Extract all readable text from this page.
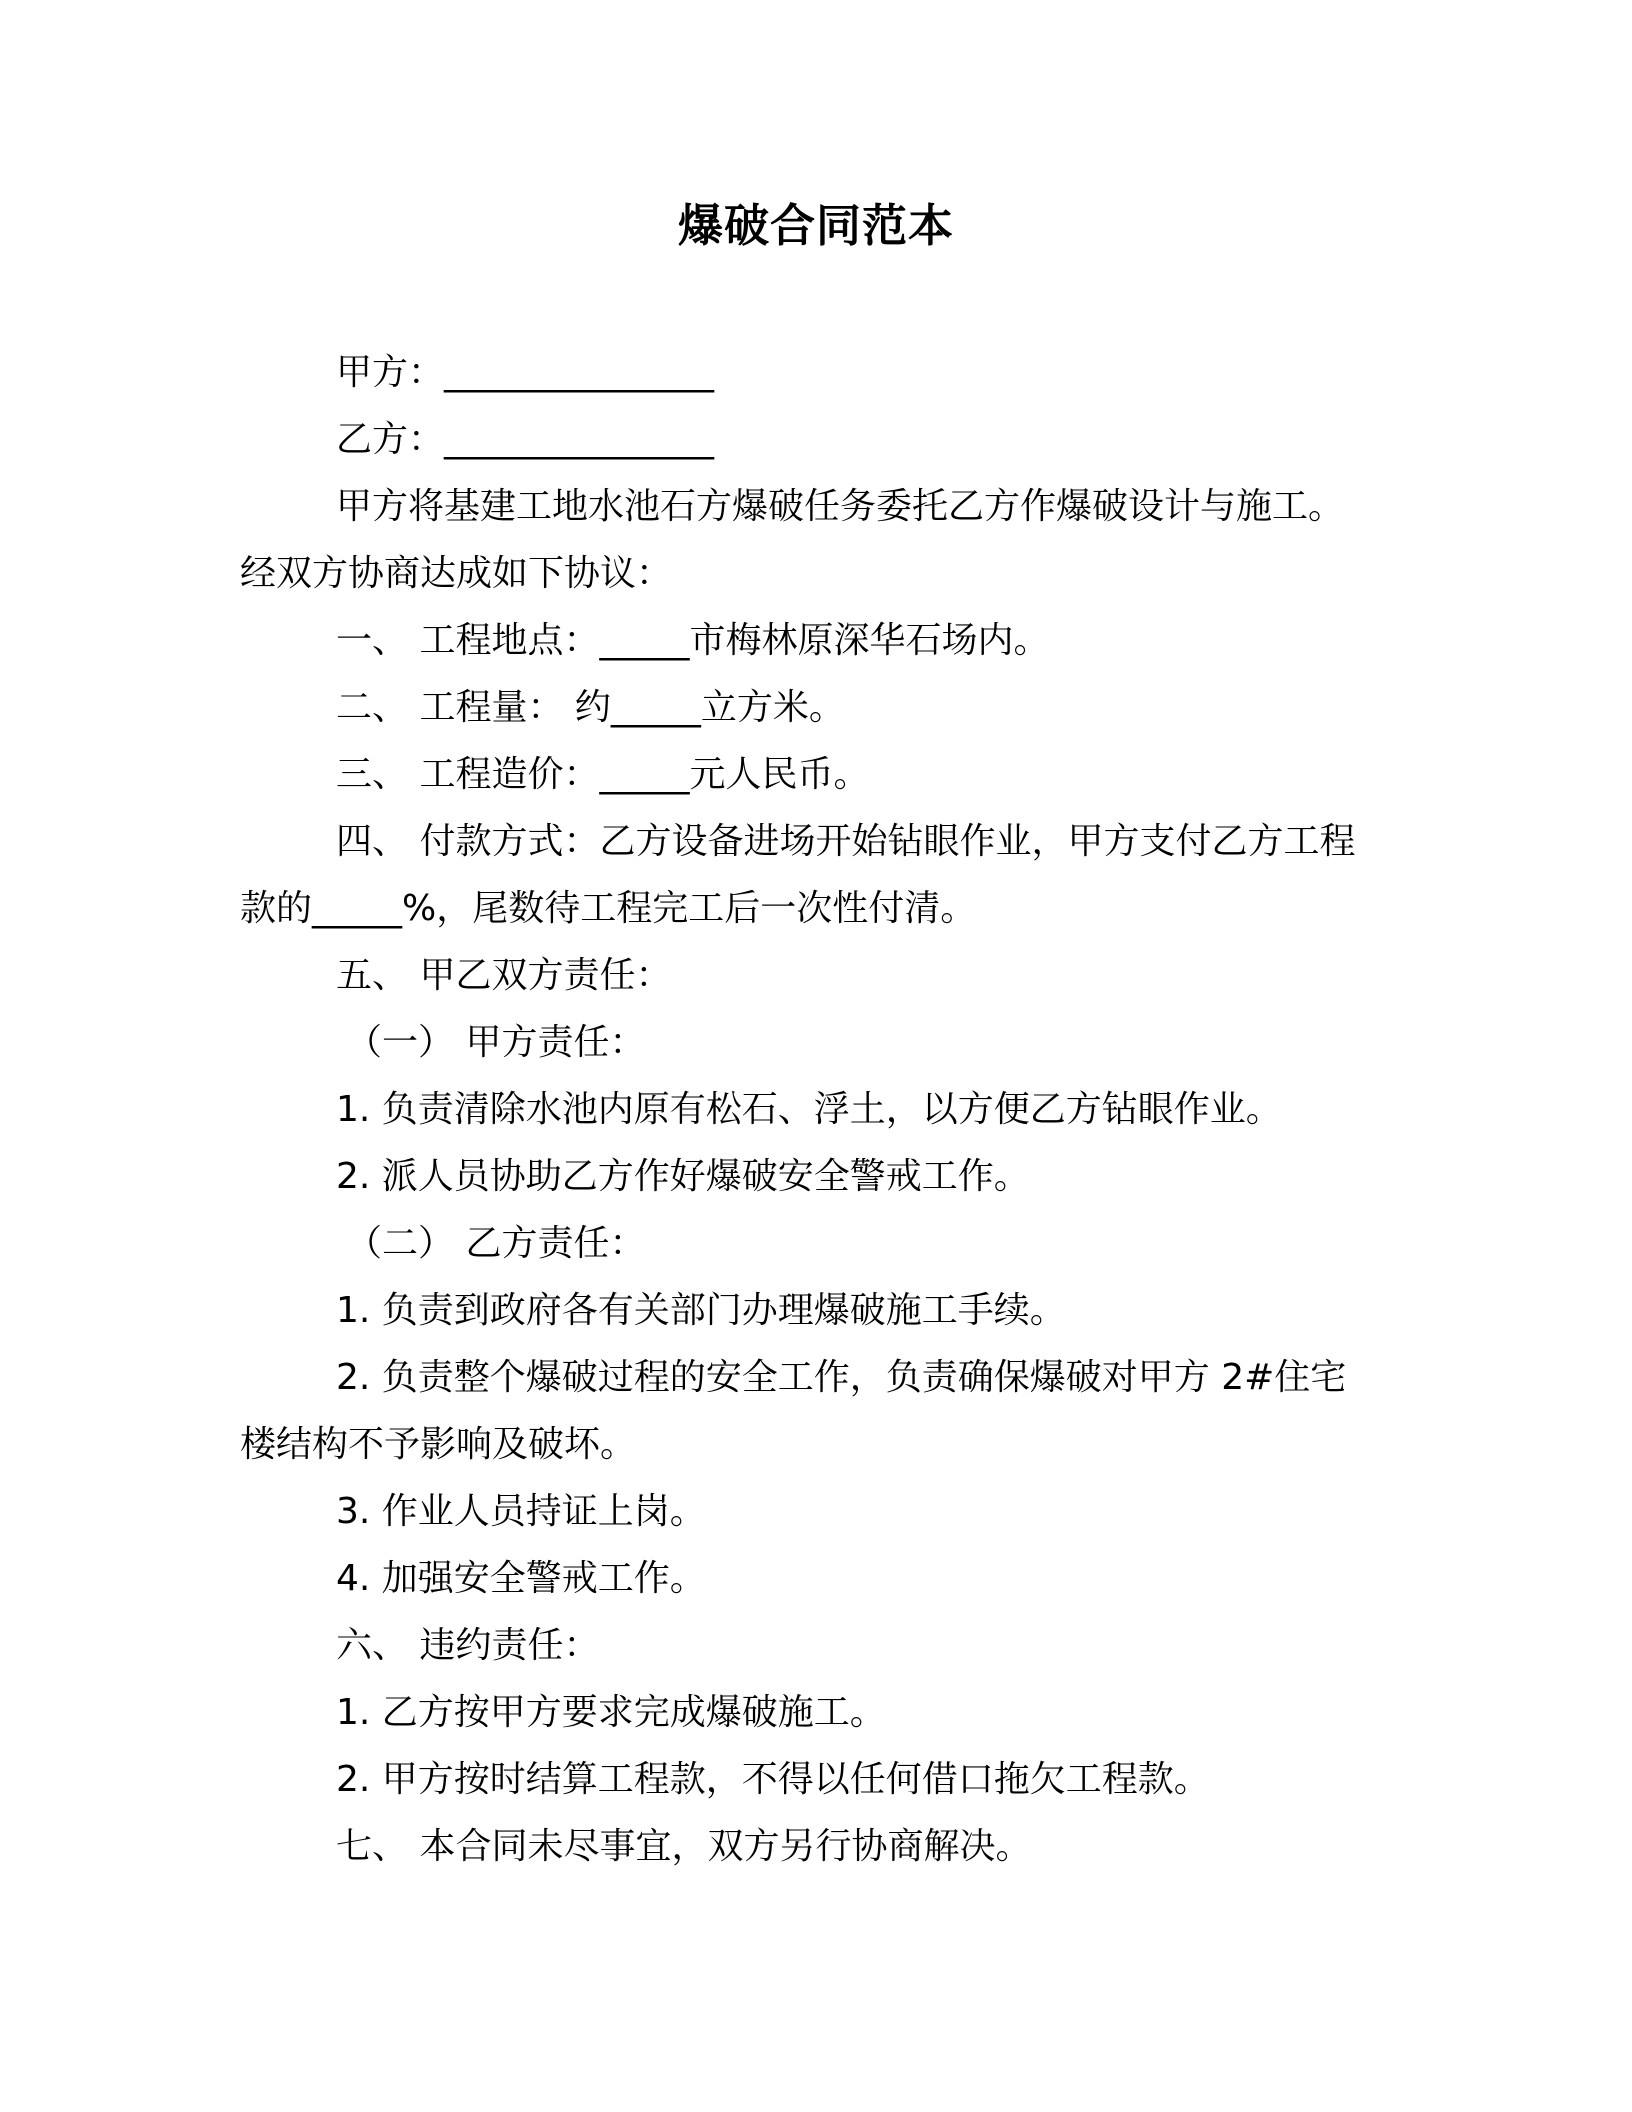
爆破合同范本
甲方：_______________
乙方：_______________
甲方将基建工地水池石方爆破任务委托乙方作爆破设计与施工。
经双方协商达成如下协议：
一、 工程地点：_____市梅林原深华石场内。
二、 工程量： 约_____立方米。
三、 工程造价：_____元人民币。
四、 付款方式：乙方设备进场开始钻眼作业，甲方支付乙方工程
款的_____%，尾数待工程完工后一次性付清。
五、 甲乙双方责任：
（一） 甲方责任：
1. 负责清除水池内原有松石、浮土，以方便乙方钻眼作业。
2. 派人员协助乙方作好爆破安全警戒工作。
（二） 乙方责任：
1. 负责到政府各有关部门办理爆破施工手续。
2. 负责整个爆破过程的安全工作，负责确保爆破对甲方 2#住宅
楼结构不予影响及破坏。
3. 作业人员持证上岗。
4. 加强安全警戒工作。
六、 违约责任：
1. 乙方按甲方要求完成爆破施工。
2. 甲方按时结算工程款，不得以任何借口拖欠工程款。
七、 本合同未尽事宜，双方另行协商解决。
